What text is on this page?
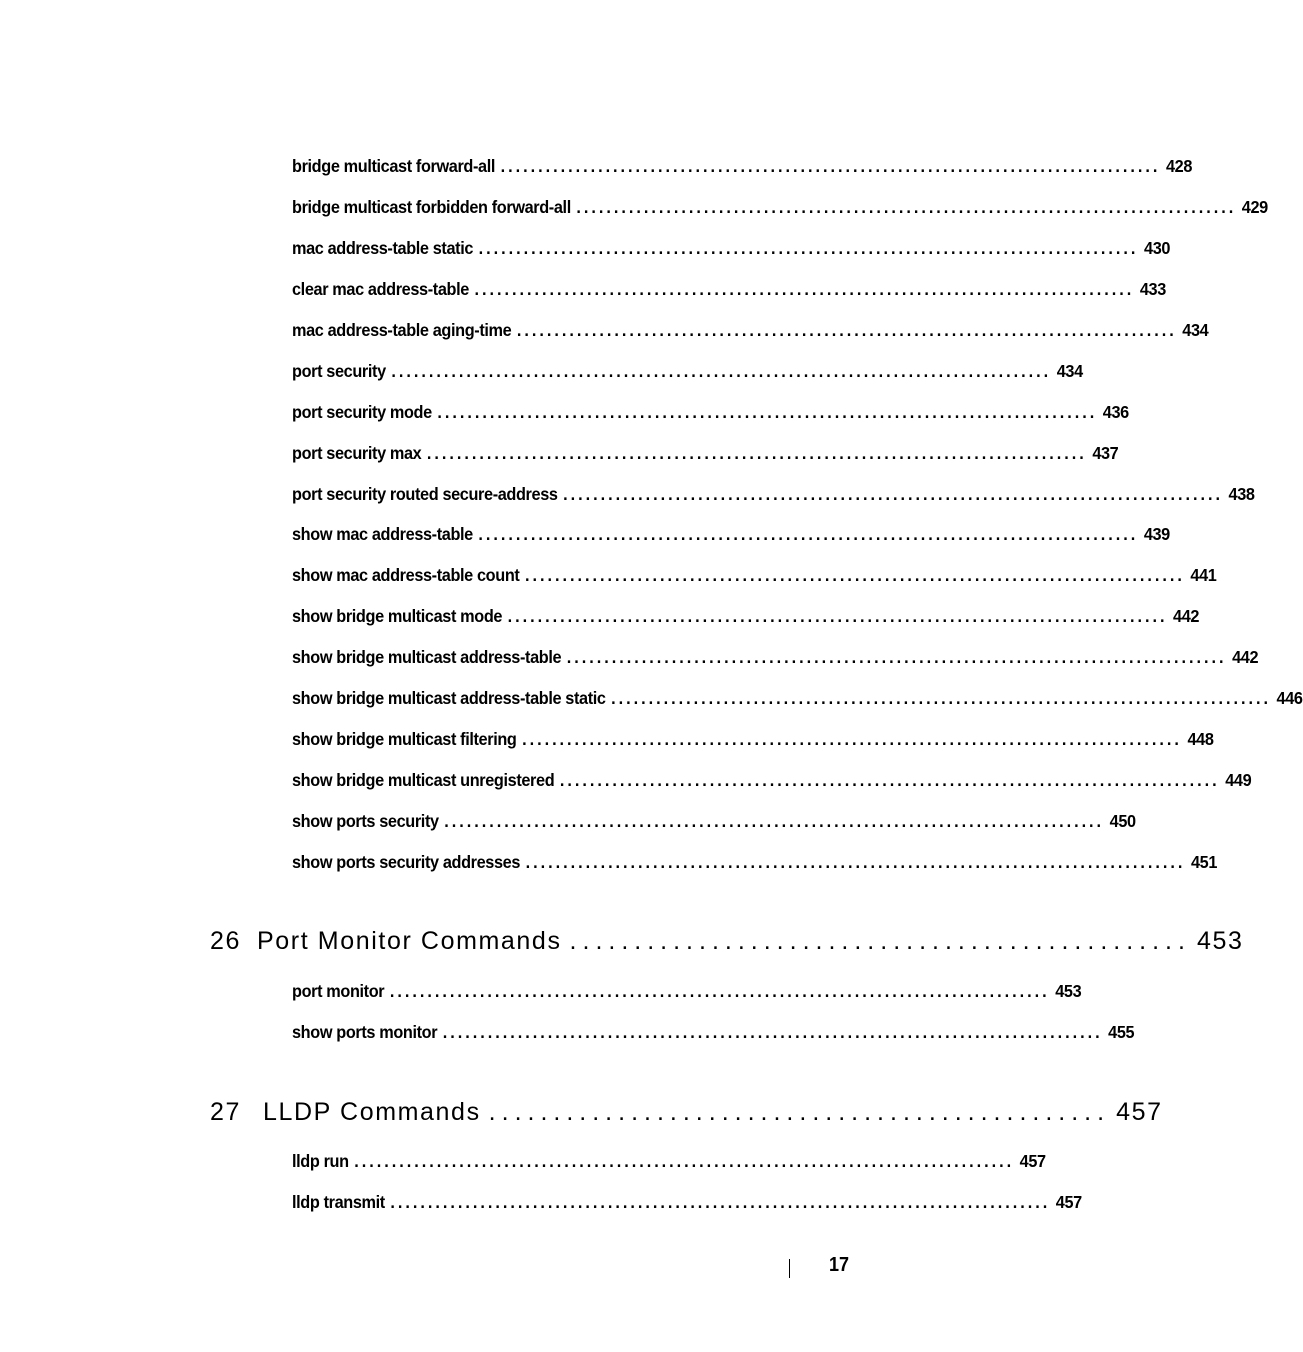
bridge multicast forward-all ........................................................................................ 428
bridge multicast forbidden forward-all ........................................................................................ 429
mac address-table static ........................................................................................ 430
clear mac address-table ........................................................................................ 433
mac address-table aging-time ........................................................................................ 434
port security ........................................................................................ 434
port security mode ........................................................................................ 436
port security max ........................................................................................ 437
port security routed secure-address ........................................................................................ 438
show mac address-table ........................................................................................ 439
show mac address-table count ........................................................................................ 441
show bridge multicast mode ........................................................................................ 442
show bridge multicast address-table ........................................................................................ 442
show bridge multicast address-table static ........................................................................................ 446
show bridge multicast filtering ........................................................................................ 448
show bridge multicast unregistered ........................................................................................ 449
show ports security ........................................................................................ 450
show ports security addresses ........................................................................................ 451
26 Port Monitor Commands ................................................ 453
port monitor ........................................................................................ 453
show ports monitor ........................................................................................ 455
27 LLDP Commands ................................................ 457
lldp run ........................................................................................ 457
lldp transmit ........................................................................................ 457
17
